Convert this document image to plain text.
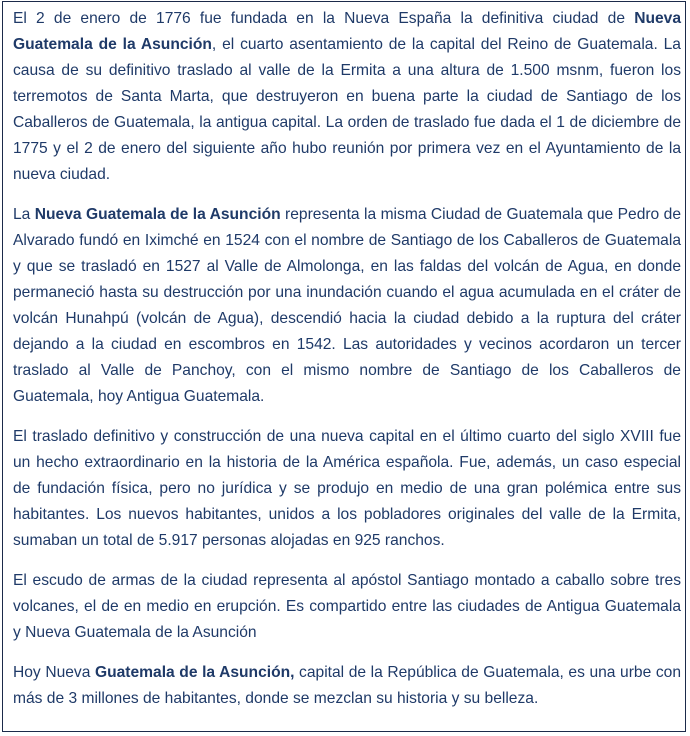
El 2 de enero de 1776 fue fundada en la Nueva España la definitiva ciudad de Nueva Guatemala de la Asunción, el cuarto asentamiento de la capital del Reino de Guatemala. La causa de su definitivo traslado al valle de la Ermita a una altura de 1.500 msnm, fueron los terremotos de Santa Marta, que destruyeron en buena parte la ciudad de Santiago de los Caballeros de Guatemala, la antigua capital. La orden de traslado fue dada el 1 de diciembre de 1775 y el 2 de enero del siguiente año hubo reunión por primera vez en el Ayuntamiento de la nueva ciudad.

La Nueva Guatemala de la Asunción representa la misma Ciudad de Guatemala que Pedro de Alvarado fundó en Iximché en 1524 con el nombre de Santiago de los Caballeros de Guatemala y que se trasladó en 1527 al Valle de Almolonga, en las faldas del volcán de Agua, en donde permaneció hasta su destrucción por una inundación cuando el agua acumulada en el cráter de volcán Hunahpú (volcán de Agua), descendió hacia la ciudad debido a la ruptura del cráter dejando a la ciudad en escombros en 1542. Las autoridades y vecinos acordaron un tercer traslado al Valle de Panchoy, con el mismo nombre de Santiago de los Caballeros de Guatemala, hoy Antigua Guatemala.

El traslado definitivo y construcción de una nueva capital en el último cuarto del siglo XVIII fue un hecho extraordinario en la historia de la América española. Fue, además, un caso especial de fundación física, pero no jurídica y se produjo en medio de una gran polémica entre sus habitantes. Los nuevos habitantes, unidos a los pobladores originales del valle de la Ermita, sumaban un total de 5.917 personas alojadas en 925 ranchos.

El escudo de armas de la ciudad representa al apóstol Santiago montado a caballo sobre tres volcanes, el de en medio en erupción. Es compartido entre las ciudades de Antigua Guatemala y Nueva Guatemala de la Asunción

Hoy Nueva Guatemala de la Asunción, capital de la República de Guatemala, es una urbe con más de 3 millones de habitantes, donde se mezclan su historia y su belleza.
